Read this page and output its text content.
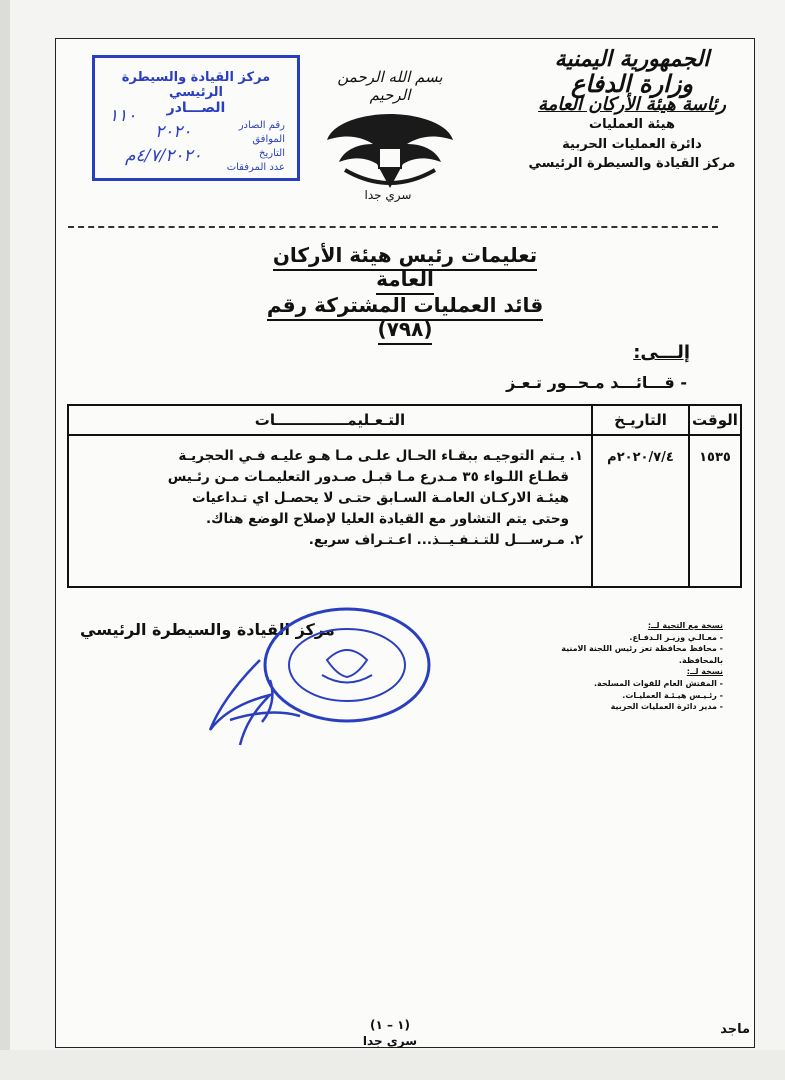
الجمهورية اليمنية
وزارة الدفاع
رئاسة هيئة الأركان العامة
هيئة العمليات
دائرة العمليات الحربية
مركز القيادة والسيطرة الرئيسي
بسم الله الرحمن الرحيم
سري جدا
مركز القيادة والسيطرة الرئيسي
الصـــادر
رقم الصادر
الموافق
التاريخ
عدد المرفقات
١١٠
٢٠٢٠
٤/٧/٢٠٢٠م
تعليمات رئيس هيئة الأركان العامة
قائد العمليات المشتركة رقم (٧٩٨)
إلـــى:
- قـــائـــد مـحــور تـعـز
الوقت	التاريـخ	التـعـليمــــــــــــــات

١٥٣٥	٢٠٢٠/٧/٤م	١. يـتم التوجيـه ببقـاء الحـال علـى مـا هـو عليـه فـي الحجريـة

قطـاع اللـواء ٣٥ مـدرع مـا قبـل صـدور التعليمـات مـن رئـيس

هيئـة الاركـان العامـة السـابق حتـى لا يحصـل اي تـداعيات

وحتى يتم التشاور مع القيادة العليا لإصلاح الوضع هناك.

٢. مـرســـل للتـنـفـيــذ... اعـتـراف سريع.

مركز القيادة والسيطرة الرئيسي	نسخة مع التحية لــ:
- معـالـي وزيـر الـدفـاع.
- محافظ محافظة تعز رئيس اللجنة الامنية بالمحافظة.
نسخة لــ:
- المفتش العام للقوات المسلحة.
- رئـيـس هيـئـة العمليـات.
- مدير دائرة العمليات الحربية
(١ – ١)
سري جدا
ماجد
